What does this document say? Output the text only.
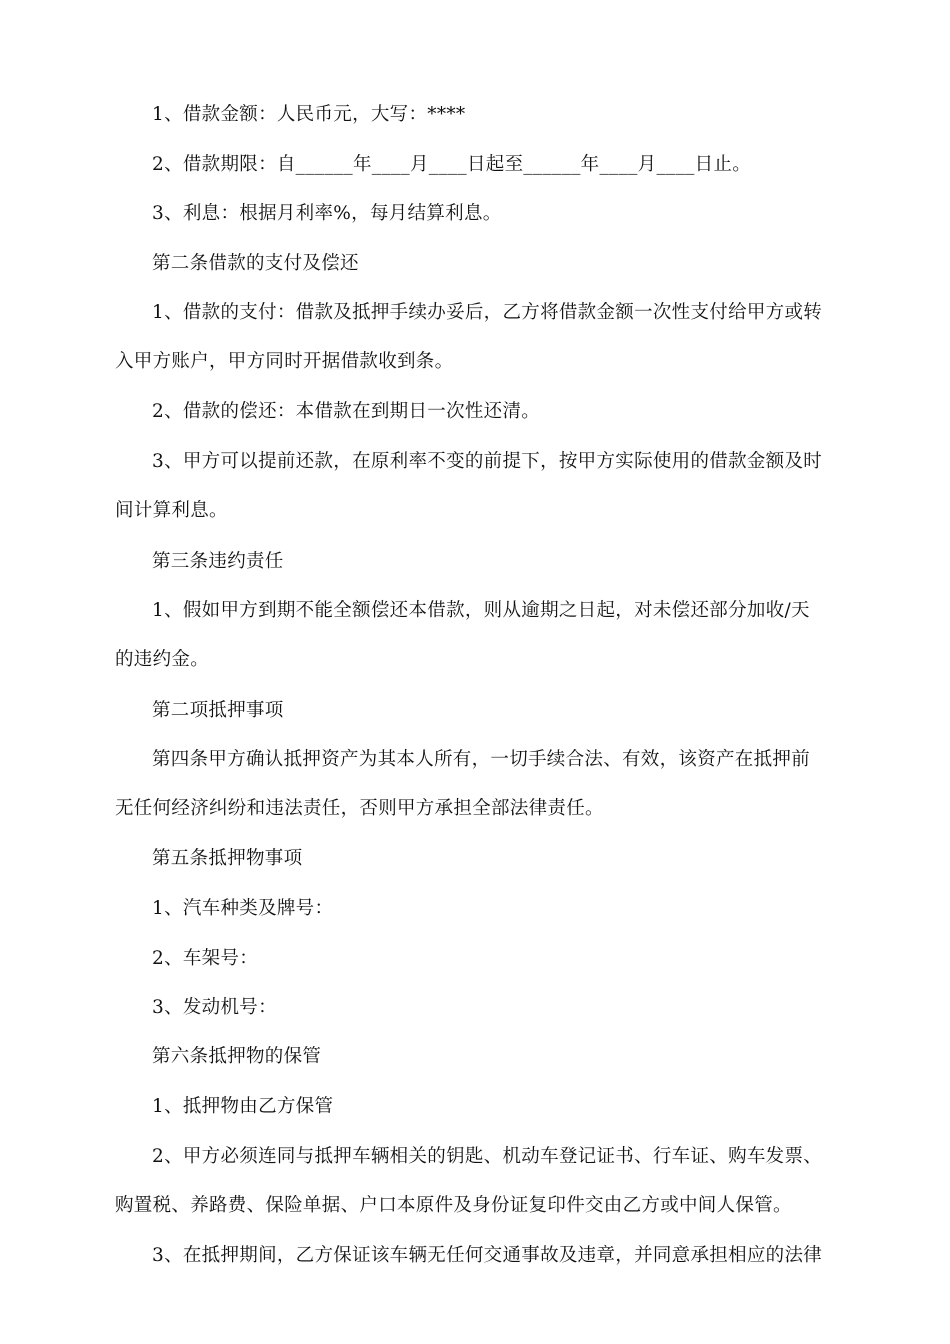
1、借款金额：人民币元，大写：****

2、借款期限：自______年____月____日起至______年____月____日止。

3、利息：根据月利率%，每月结算利息。

第二条借款的支付及偿还

1、借款的支付：借款及抵押手续办妥后，乙方将借款金额一次性支付给甲方或转
入甲方账户，甲方同时开据借款收到条。

2、借款的偿还：本借款在到期日一次性还清。

3、甲方可以提前还款，在原利率不变的前提下，按甲方实际使用的借款金额及时
间计算利息。

第三条违约责任

1、假如甲方到期不能全额偿还本借款，则从逾期之日起，对未偿还部分加收/天
的违约金。

第二项抵押事项

第四条甲方确认抵押资产为其本人所有，一切手续合法、有效，该资产在抵押前
无任何经济纠纷和违法责任，否则甲方承担全部法律责任。

第五条抵押物事项

1、汽车种类及牌号：

2、车架号：

3、发动机号：

第六条抵押物的保管

1、抵押物由乙方保管

2、甲方必须连同与抵押车辆相关的钥匙、机动车登记证书、行车证、购车发票、
购置税、养路费、保险单据、户口本原件及身份证复印件交由乙方或中间人保管。

3、在抵押期间，乙方保证该车辆无任何交通事故及违章，并同意承担相应的法律
